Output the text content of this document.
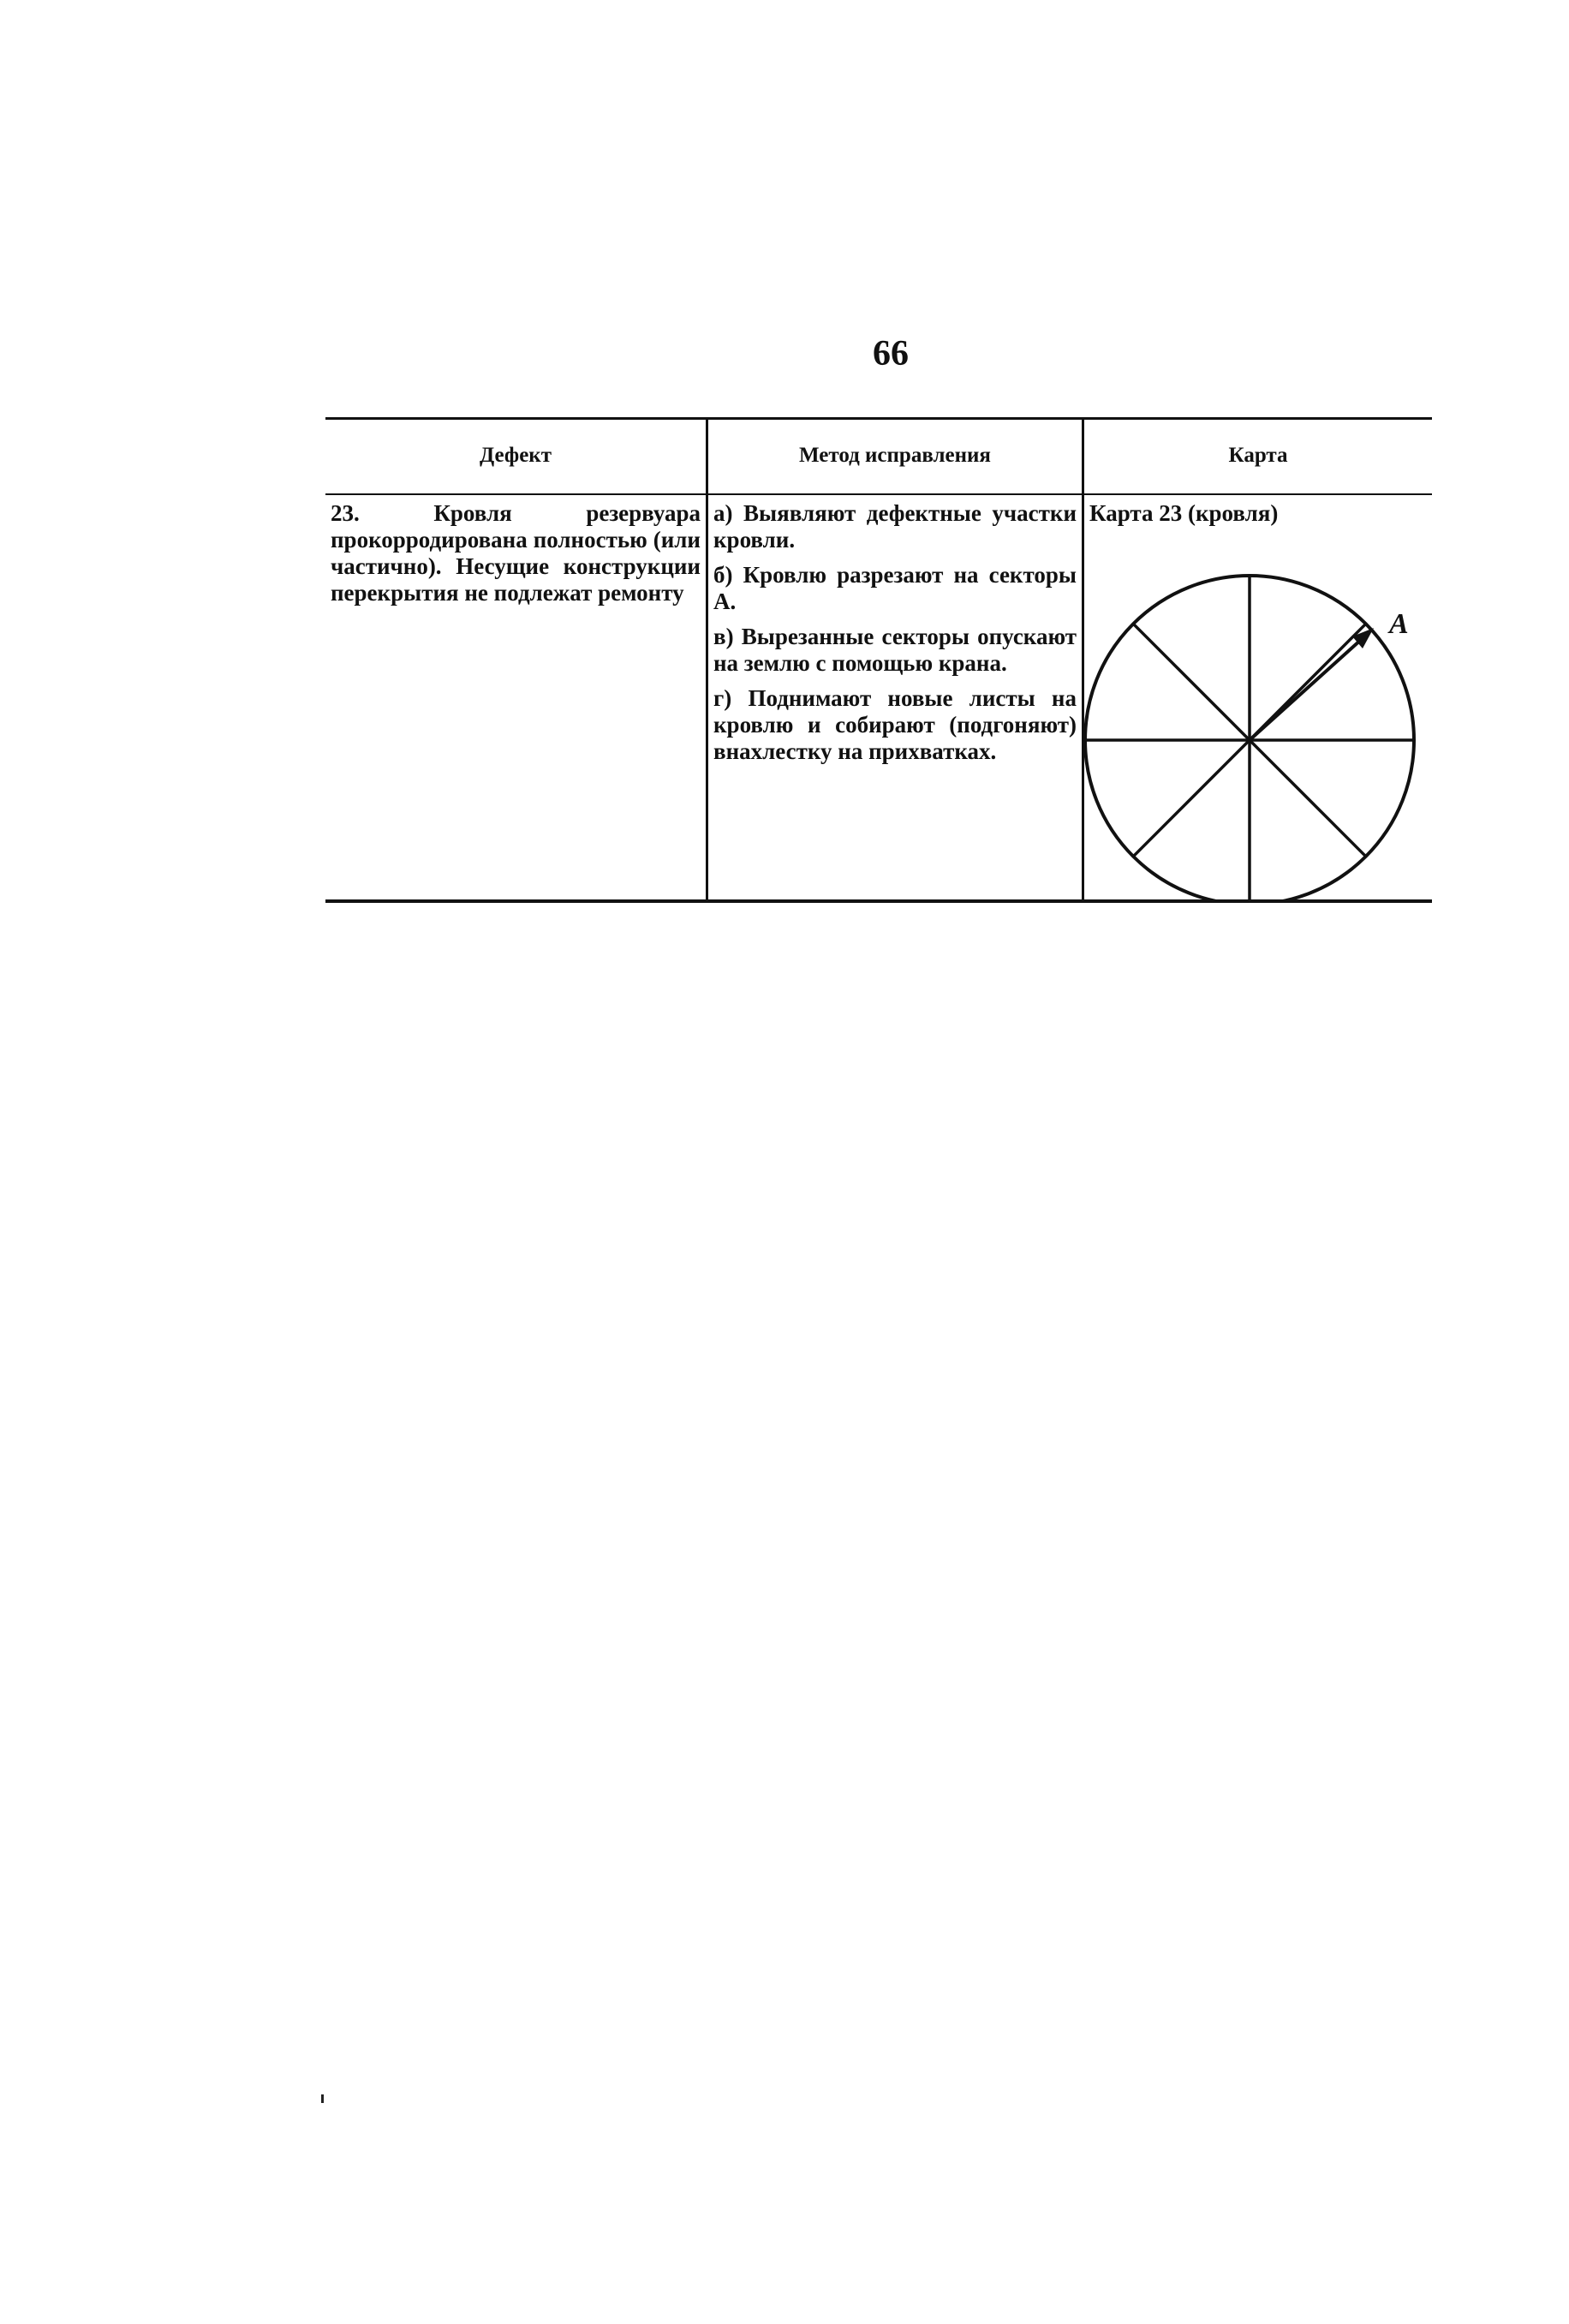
66
Дефект	Метод исправления	Карта
23. Кровля резервуара прокорродирована полностью (или частично). Несущие конструкции перекрытия не подлежат ремонту

а) Выявляют дефектные участки кровли.

б) Кровлю разрезают на секторы А.

в) Вырезанные секторы опускают на землю с помощью крана.

г) Поднимают новые листы на кровлю и собирают (подгоняют) внахлестку на прихватках.

Карта 23 (кровля)

А
